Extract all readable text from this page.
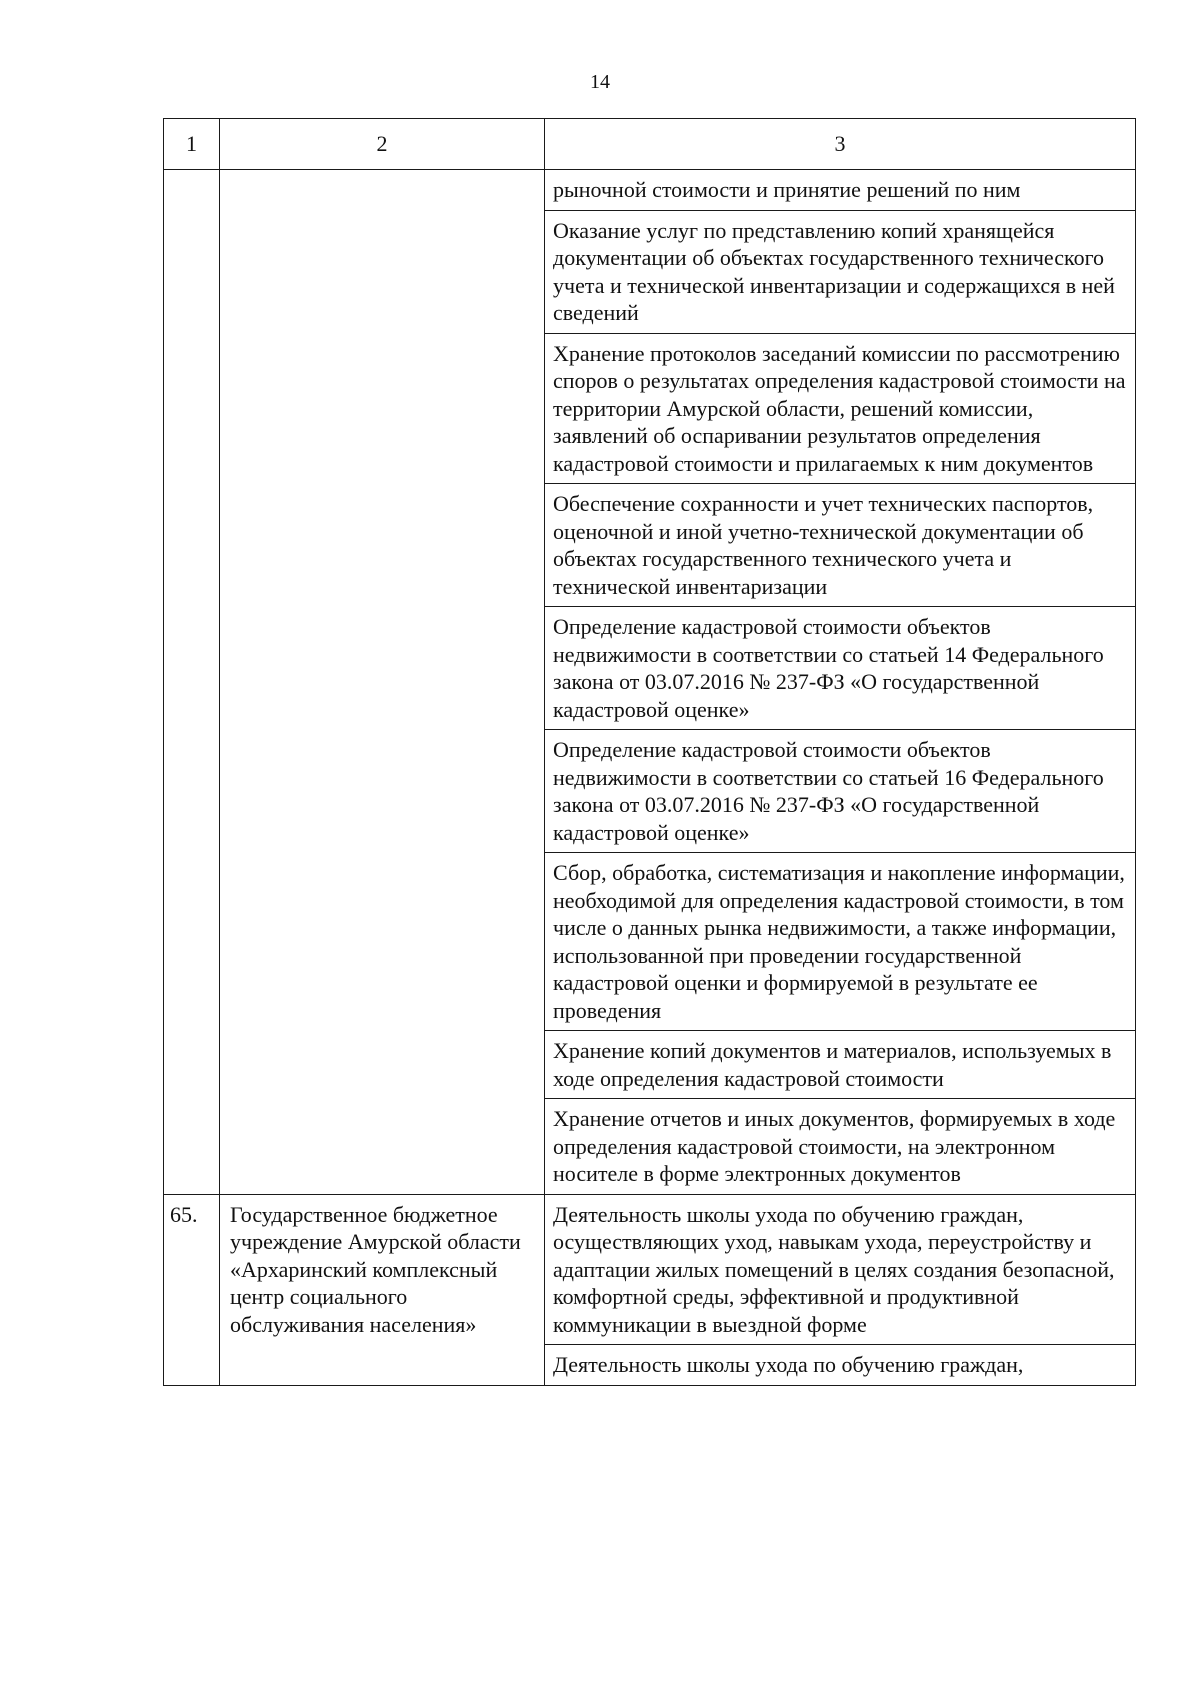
14
1	2	3
		рыночной стоимости и принятие решений по ним
		Оказание услуг по представлению копий хранящейся документации об объектах государственного технического учета и технической инвентаризации и содержащихся в ней сведений
		Хранение протоколов заседаний комиссии по рассмотрению споров о результатах определения кадастровой стоимости на территории Амурской области, решений комиссии, заявлений об оспаривании результатов определения кадастровой стоимости и прилагаемых к ним документов
		Обеспечение сохранности и учет технических паспортов, оценочной и иной учетно-технической документации об объектах государственного технического учета и технической инвентаризации
		Определение кадастровой стоимости объектов недвижимости в соответствии со статьей 14 Федерального закона от 03.07.2016 № 237-ФЗ «О государственной кадастровой оценке»
		Определение кадастровой стоимости объектов недвижимости в соответствии со статьей 16 Федерального закона от 03.07.2016 № 237-ФЗ «О государственной кадастровой оценке»
		Сбор, обработка, систематизация и накопление информации, необходимой для определения кадастровой стоимости, в том числе о данных рынка недвижимости, а также информации, использованной при проведении государственной кадастровой оценки и формируемой в результате ее проведения
		Хранение копий документов и материалов, используемых в ходе определения кадастровой стоимости
		Хранение отчетов и иных документов, формируемых в ходе определения кадастровой стоимости, на электронном носителе в форме электронных документов
65.	Государственное бюджетное учреждение Амурской области «Архаринский комплексный центр социального обслуживания населения»	Деятельность школы ухода по обучению граждан, осуществляющих уход, навыкам ухода, переустройству и адаптации жилых помещений в целях создания безопасной, комфортной среды, эффективной и продуктивной коммуникации в выездной форме
		Деятельность школы ухода по обучению граждан,
